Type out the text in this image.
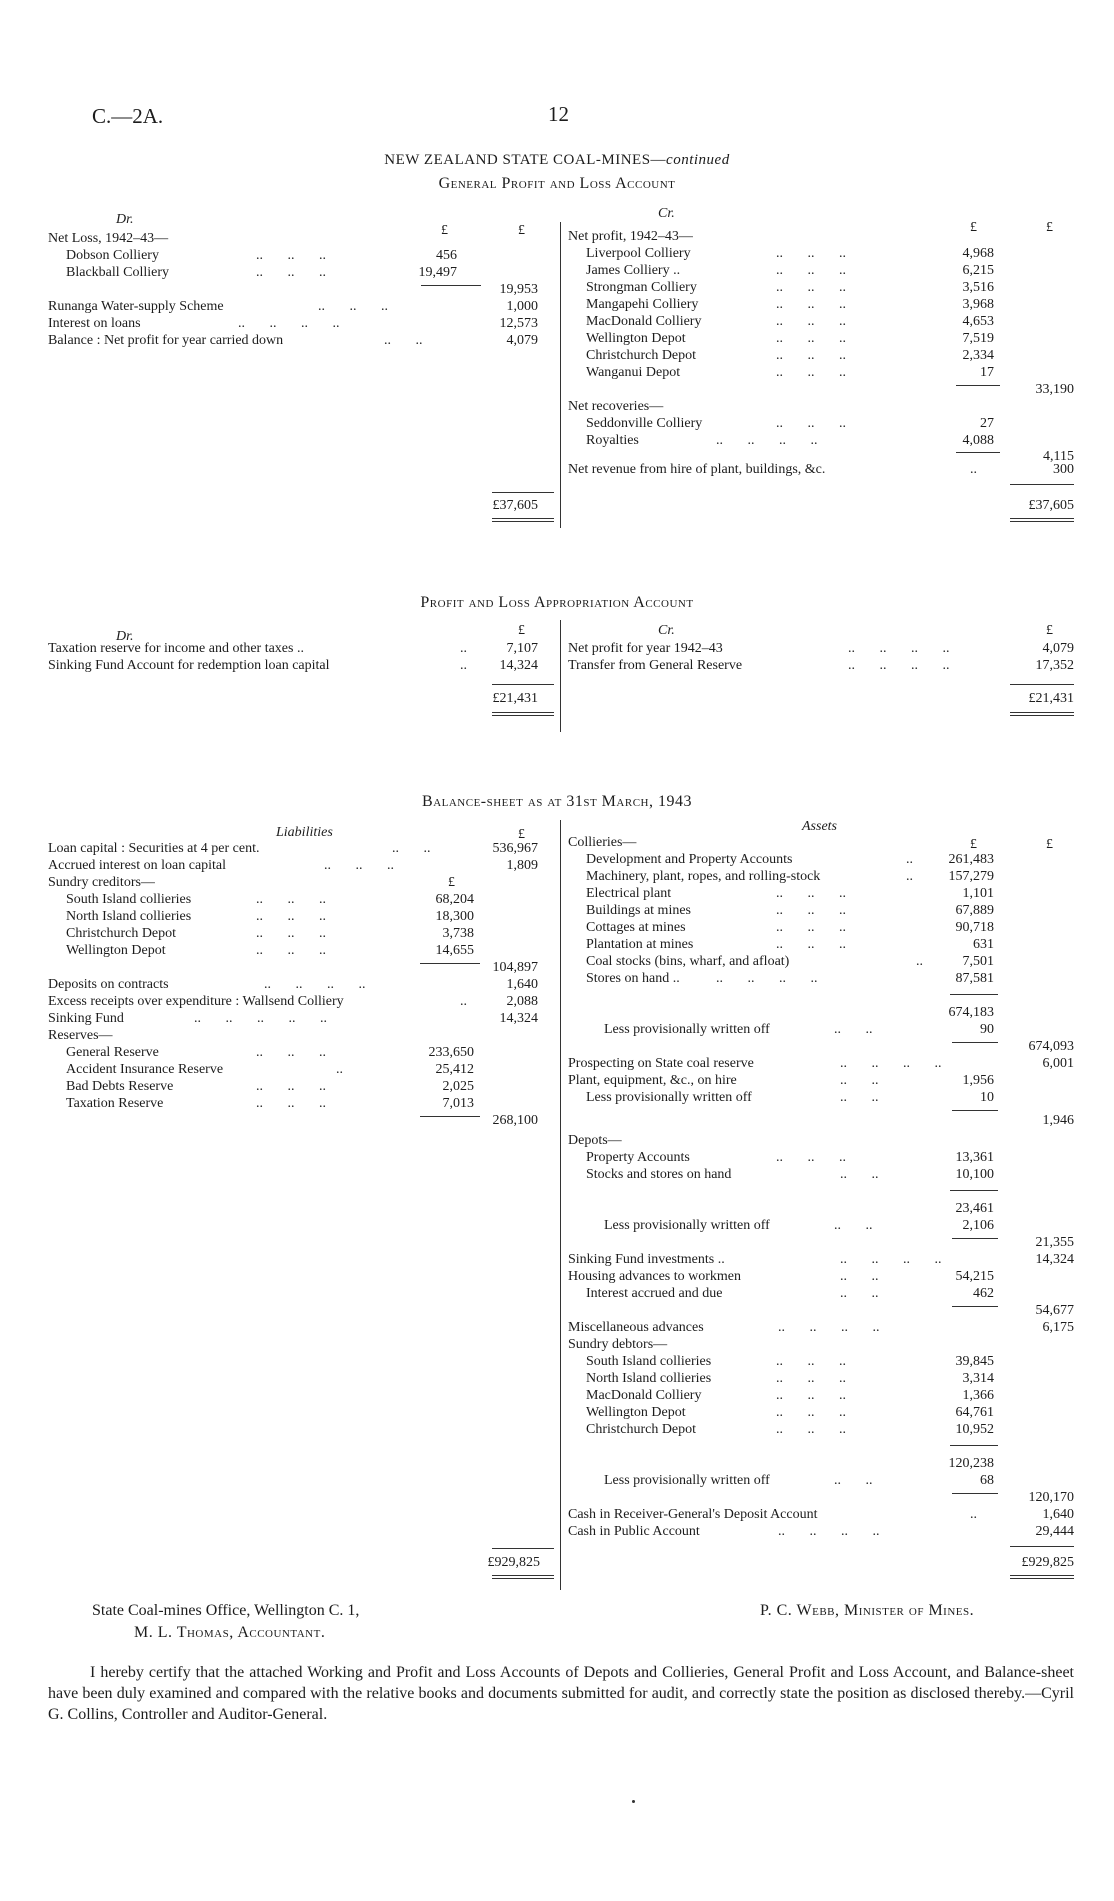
C.—2A.	12
NEW ZEALAND STATE COAL-MINES—continued
General Profit and Loss Account
Dr.	Cr.
£	£	£	£
Net Loss, 1942–43—
Dobson Colliery	..       ..       ..	456
Blackball Colliery	..       ..       ..	19,497
19,953
Runanga Water-supply Scheme	..       ..       ..	1,000
Interest on loans	..       ..       ..       ..	12,573
Balance : Net profit for year carried down	..       ..	4,079
£37,605
Net profit, 1942–43—
Liverpool Colliery	..       ..       ..	4,968
James Colliery ..	..       ..       ..	6,215
Strongman Colliery	..       ..       ..	3,516
Mangapehi Colliery	..       ..       ..	3,968
MacDonald Colliery	..       ..       ..	4,653
Wellington Depot	..       ..       ..	7,519
Christchurch Depot	..       ..       ..	2,334
Wanganui Depot	..       ..       ..	17
33,190
Net recoveries—
Seddonville Colliery	..       ..       ..	27
Royalties	..       ..       ..       ..	4,088
4,115
Net revenue from hire of plant, buildings, &c.	..	300
£37,605
Profit and Loss Appropriation Account
Dr.	Cr.
£	£
Taxation reserve for income and other taxes ..	..	7,107
Sinking Fund Account for redemption loan capital	..	14,324
£21,431
Net profit for year 1942–43	..       ..       ..       ..	4,079
Transfer from General Reserve	..       ..       ..       ..	17,352
£21,431
Balance-sheet as at 31st March, 1943
Liabilities	Assets
£
£	£
Loan capital : Securities at 4 per cent.	..       ..	536,967
Accrued interest on loan capital	..       ..       ..	1,809
Sundry creditors—	£
South Island collieries	..       ..       ..	68,204
North Island collieries	..       ..       ..	18,300
Christchurch Depot	..       ..       ..	3,738
Wellington Depot	..       ..       ..	14,655
104,897
Deposits on contracts	..       ..       ..       ..	1,640
Excess receipts over expenditure : Wallsend Colliery	..	2,088
Sinking Fund	..       ..       ..       ..       ..	14,324
Reserves—
General Reserve	..       ..       ..	233,650
Accident Insurance Reserve	..	25,412
Bad Debts Reserve	..       ..       ..	2,025
Taxation Reserve	..       ..       ..	7,013
268,100
£929,825
Collieries—
Development and Property Accounts	..	261,483
Machinery, plant, ropes, and rolling-stock	..	157,279
Electrical plant	..       ..       ..	1,101
Buildings at mines	..       ..       ..	67,889
Cottages at mines	..       ..       ..	90,718
Plantation at mines	..       ..       ..	631
Coal stocks (bins, wharf, and afloat)	..	7,501
Stores on hand ..	..       ..       ..       ..	87,581
674,183
Less provisionally written off	..       ..	90
674,093
Prospecting on State coal reserve	..       ..       ..       ..	6,001
Plant, equipment, &c., on hire	..       ..	1,956
Less provisionally written off	..       ..	10
1,946
Depots—
Property Accounts	..       ..       ..	13,361
Stocks and stores on hand	..       ..	10,100
23,461
Less provisionally written off	..       ..	2,106
21,355
Sinking Fund investments ..	..       ..       ..       ..	14,324
Housing advances to workmen	..       ..	54,215
Interest accrued and due	..       ..	462
54,677
Miscellaneous advances	..       ..       ..       ..	6,175
Sundry debtors—
South Island collieries	..       ..       ..	39,845
North Island collieries	..       ..       ..	3,314
MacDonald Colliery	..       ..       ..	1,366
Wellington Depot	..       ..       ..	64,761
Christchurch Depot	..       ..       ..	10,952
120,238
Less provisionally written off	..       ..	68
120,170
Cash in Receiver-General's Deposit Account	..	1,640
Cash in Public Account	..       ..       ..       ..	29,444
£929,825
State Coal-mines Office, Wellington C. 1,
M. L. Thomas, Accountant.
P. C. Webb, Minister of Mines.
I hereby certify that the attached Working and Profit and Loss Accounts of Depots and Collieries, General Profit and Loss Account, and Balance-sheet have been duly examined and compared with the relative books and documents submitted for audit, and correctly state the position as disclosed thereby.—Cyril G. Collins, Controller and Auditor-General.
